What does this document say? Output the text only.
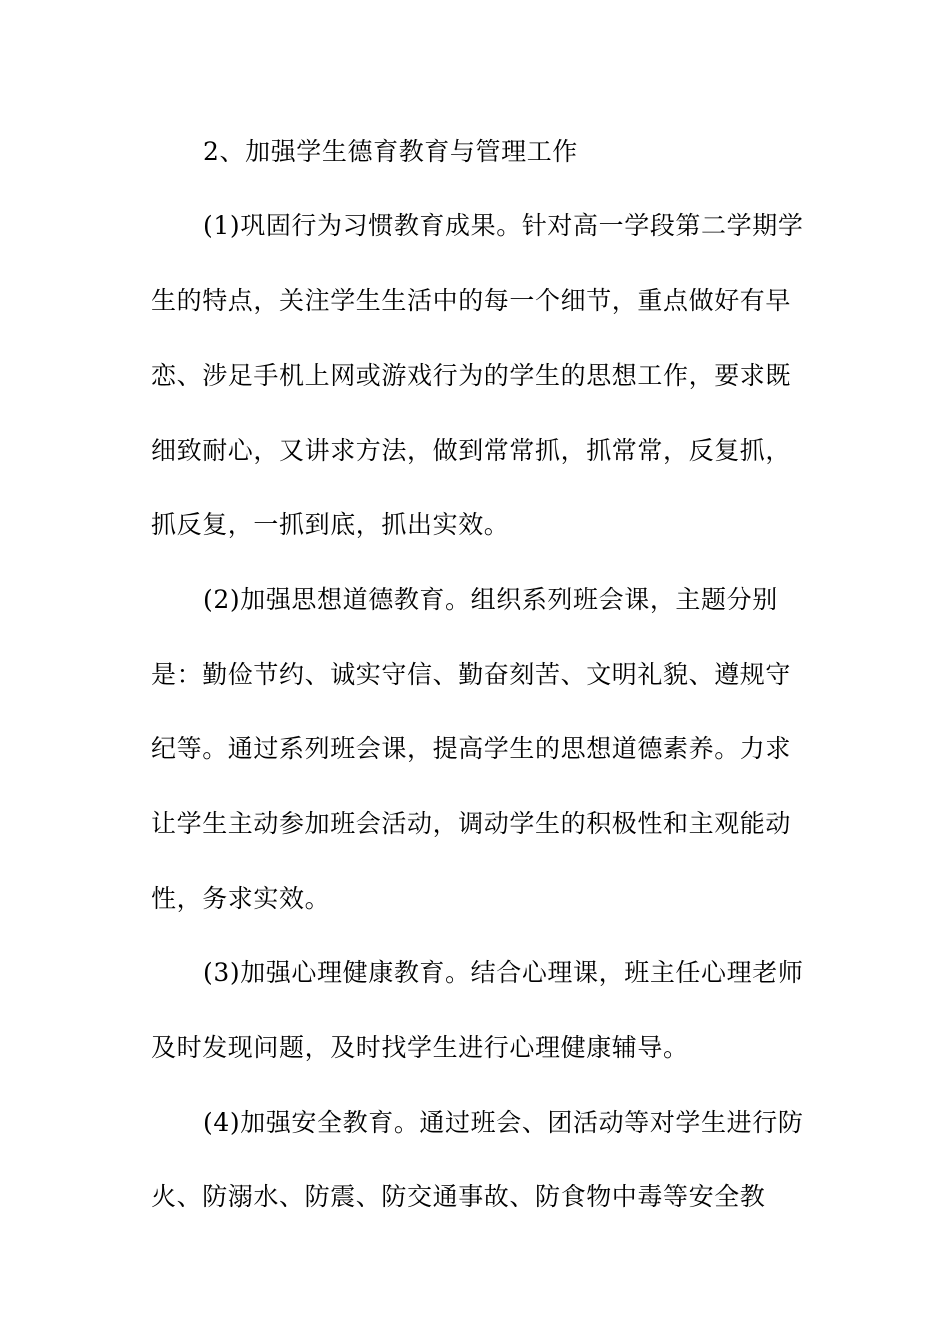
2、加强学生德育教育与管理工作
(1)巩固行为习惯教育成果。针对高一学段第二学期学
生的特点，关注学生生活中的每一个细节，重点做好有早
恋、涉足手机上网或游戏行为的学生的思想工作，要求既
细致耐心，又讲求方法，做到常常抓，抓常常，反复抓，
抓反复，一抓到底，抓出实效。
(2)加强思想道德教育。组织系列班会课，主题分别
是：勤俭节约、诚实守信、勤奋刻苦、文明礼貌、遵规守
纪等。通过系列班会课，提高学生的思想道德素养。力求
让学生主动参加班会活动，调动学生的积极性和主观能动
性，务求实效。
(3)加强心理健康教育。结合心理课，班主任心理老师
及时发现问题，及时找学生进行心理健康辅导。
(4)加强安全教育。通过班会、团活动等对学生进行防
火、防溺水、防震、防交通事故、防食物中毒等安全教
